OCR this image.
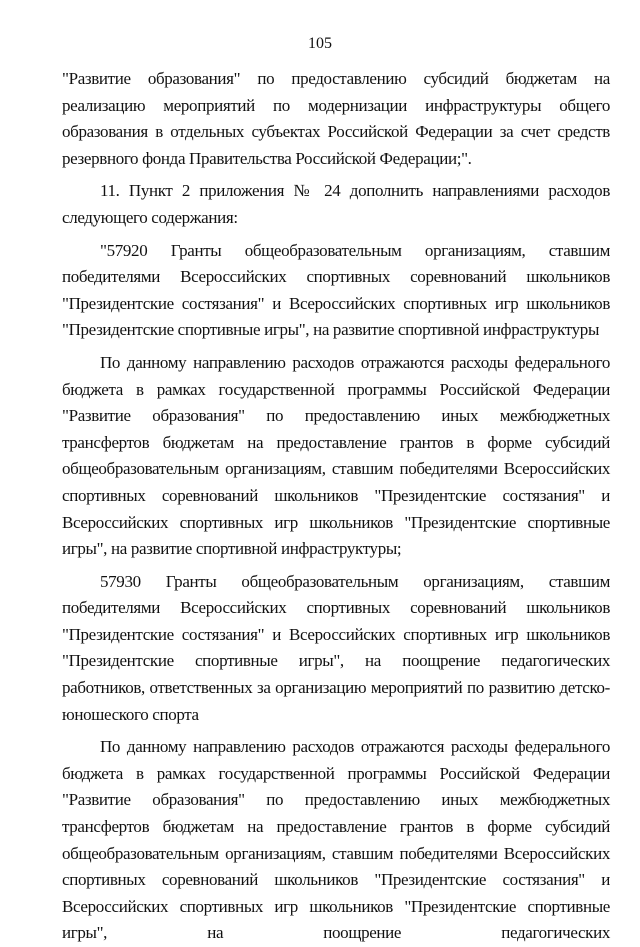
105

"Развитие образования" по предоставлению субсидий бюджетам на реализацию мероприятий по модернизации инфраструктуры общего образования в отдельных субъектах Российской Федерации за счет средств резервного фонда Правительства Российской Федерации;".

11. Пункт 2 приложения № 24 дополнить направлениями расходов следующего содержания:

"57920 Гранты общеобразовательным организациям, ставшим победителями Всероссийских спортивных соревнований школьников "Президентские состязания" и Всероссийских спортивных игр школьников "Президентские спортивные игры", на развитие спортивной инфраструктуры

По данному направлению расходов отражаются расходы федерального бюджета в рамках государственной программы Российской Федерации "Развитие образования" по предоставлению иных межбюджетных трансфертов бюджетам на предоставление грантов в форме субсидий общеобразовательным организациям, ставшим победителями Всероссийских спортивных соревнований школьников "Президентские состязания" и Всероссийских спортивных игр школьников "Президентские спортивные игры", на развитие спортивной инфраструктуры;

57930 Гранты общеобразовательным организациям, ставшим победителями Всероссийских спортивных соревнований школьников "Президентские состязания" и Всероссийских спортивных игр школьников "Президентские спортивные игры", на поощрение педагогических работников, ответственных за организацию мероприятий по развитию детско-юношеского спорта

По данному направлению расходов отражаются расходы федерального бюджета в рамках государственной программы Российской Федерации "Развитие образования" по предоставлению иных межбюджетных трансфертов бюджетам на предоставление грантов в форме субсидий общеобразовательным организациям, ставшим победителями Всероссийских спортивных соревнований школьников "Президентские состязания" и Всероссийских спортивных игр школьников "Президентские спортивные игры", на поощрение педагогических
